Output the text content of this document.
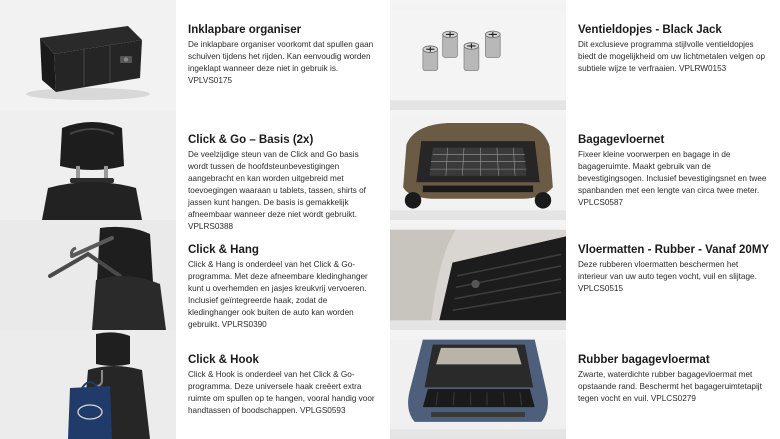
Inklapbare organiser

De inklapbare organiser voorkomt dat spullen gaan schuiven tijdens het rijden. Kan eenvoudig worden ingeklapt wanneer deze niet in gebruik is. VPLVS0175

Ventieldopjes - Black Jack

Dit exclusieve programma stijlvolle ventieldopjes biedt de mogelijkheid om uw lichtmetalen velgen op subtiele wijze te verfraaien. VPLRW0153

Click & Go – Basis (2x)

De veelzijdige steun van de Click and Go basis wordt tussen de hoofdsteunbevestigingen aangebracht en kan worden uitgebreid met toevoegingen waaraan u tablets, tassen, shirts of jassen kunt hangen. De basis is gemakkelijk afneembaar wanneer deze niet wordt gebruikt. VPLRS0388

Bagagevloernet

Fixeer kleine voorwerpen en bagage in de bagageruimte. Maakt gebruik van de bevestigingsogen. Inclusief bevestigingsnet en twee spanbanden met een lengte van circa twee meter. VPLCS0587

Click & Hang

Click & Hang is onderdeel van het Click & Go-programma. Met deze afneembare kledinghanger kunt u overhemden en jasjes kreukvrij vervoeren. Inclusief geïntegreerde haak, zodat de kledinghanger ook buiten de auto kan worden gebruikt. VPLRS0390

Vloermatten - Rubber - Vanaf 20MY

Deze rubberen vloermatten beschermen het interieur van uw auto tegen vocht, vuil en slijtage. VPLCS0515

Click & Hook

Click & Hook is onderdeel van het Click & Go-programma. Deze universele haak creëert extra ruimte om spullen op te hangen, vooral handig voor handtassen of boodschappen. VPLGS0593

Rubber bagagevloermat

Zwarte, waterdichte rubber bagagevloermat met opstaande rand. Beschermt het bagageruimtetapijt tegen vocht en vuil. VPLCS0279
